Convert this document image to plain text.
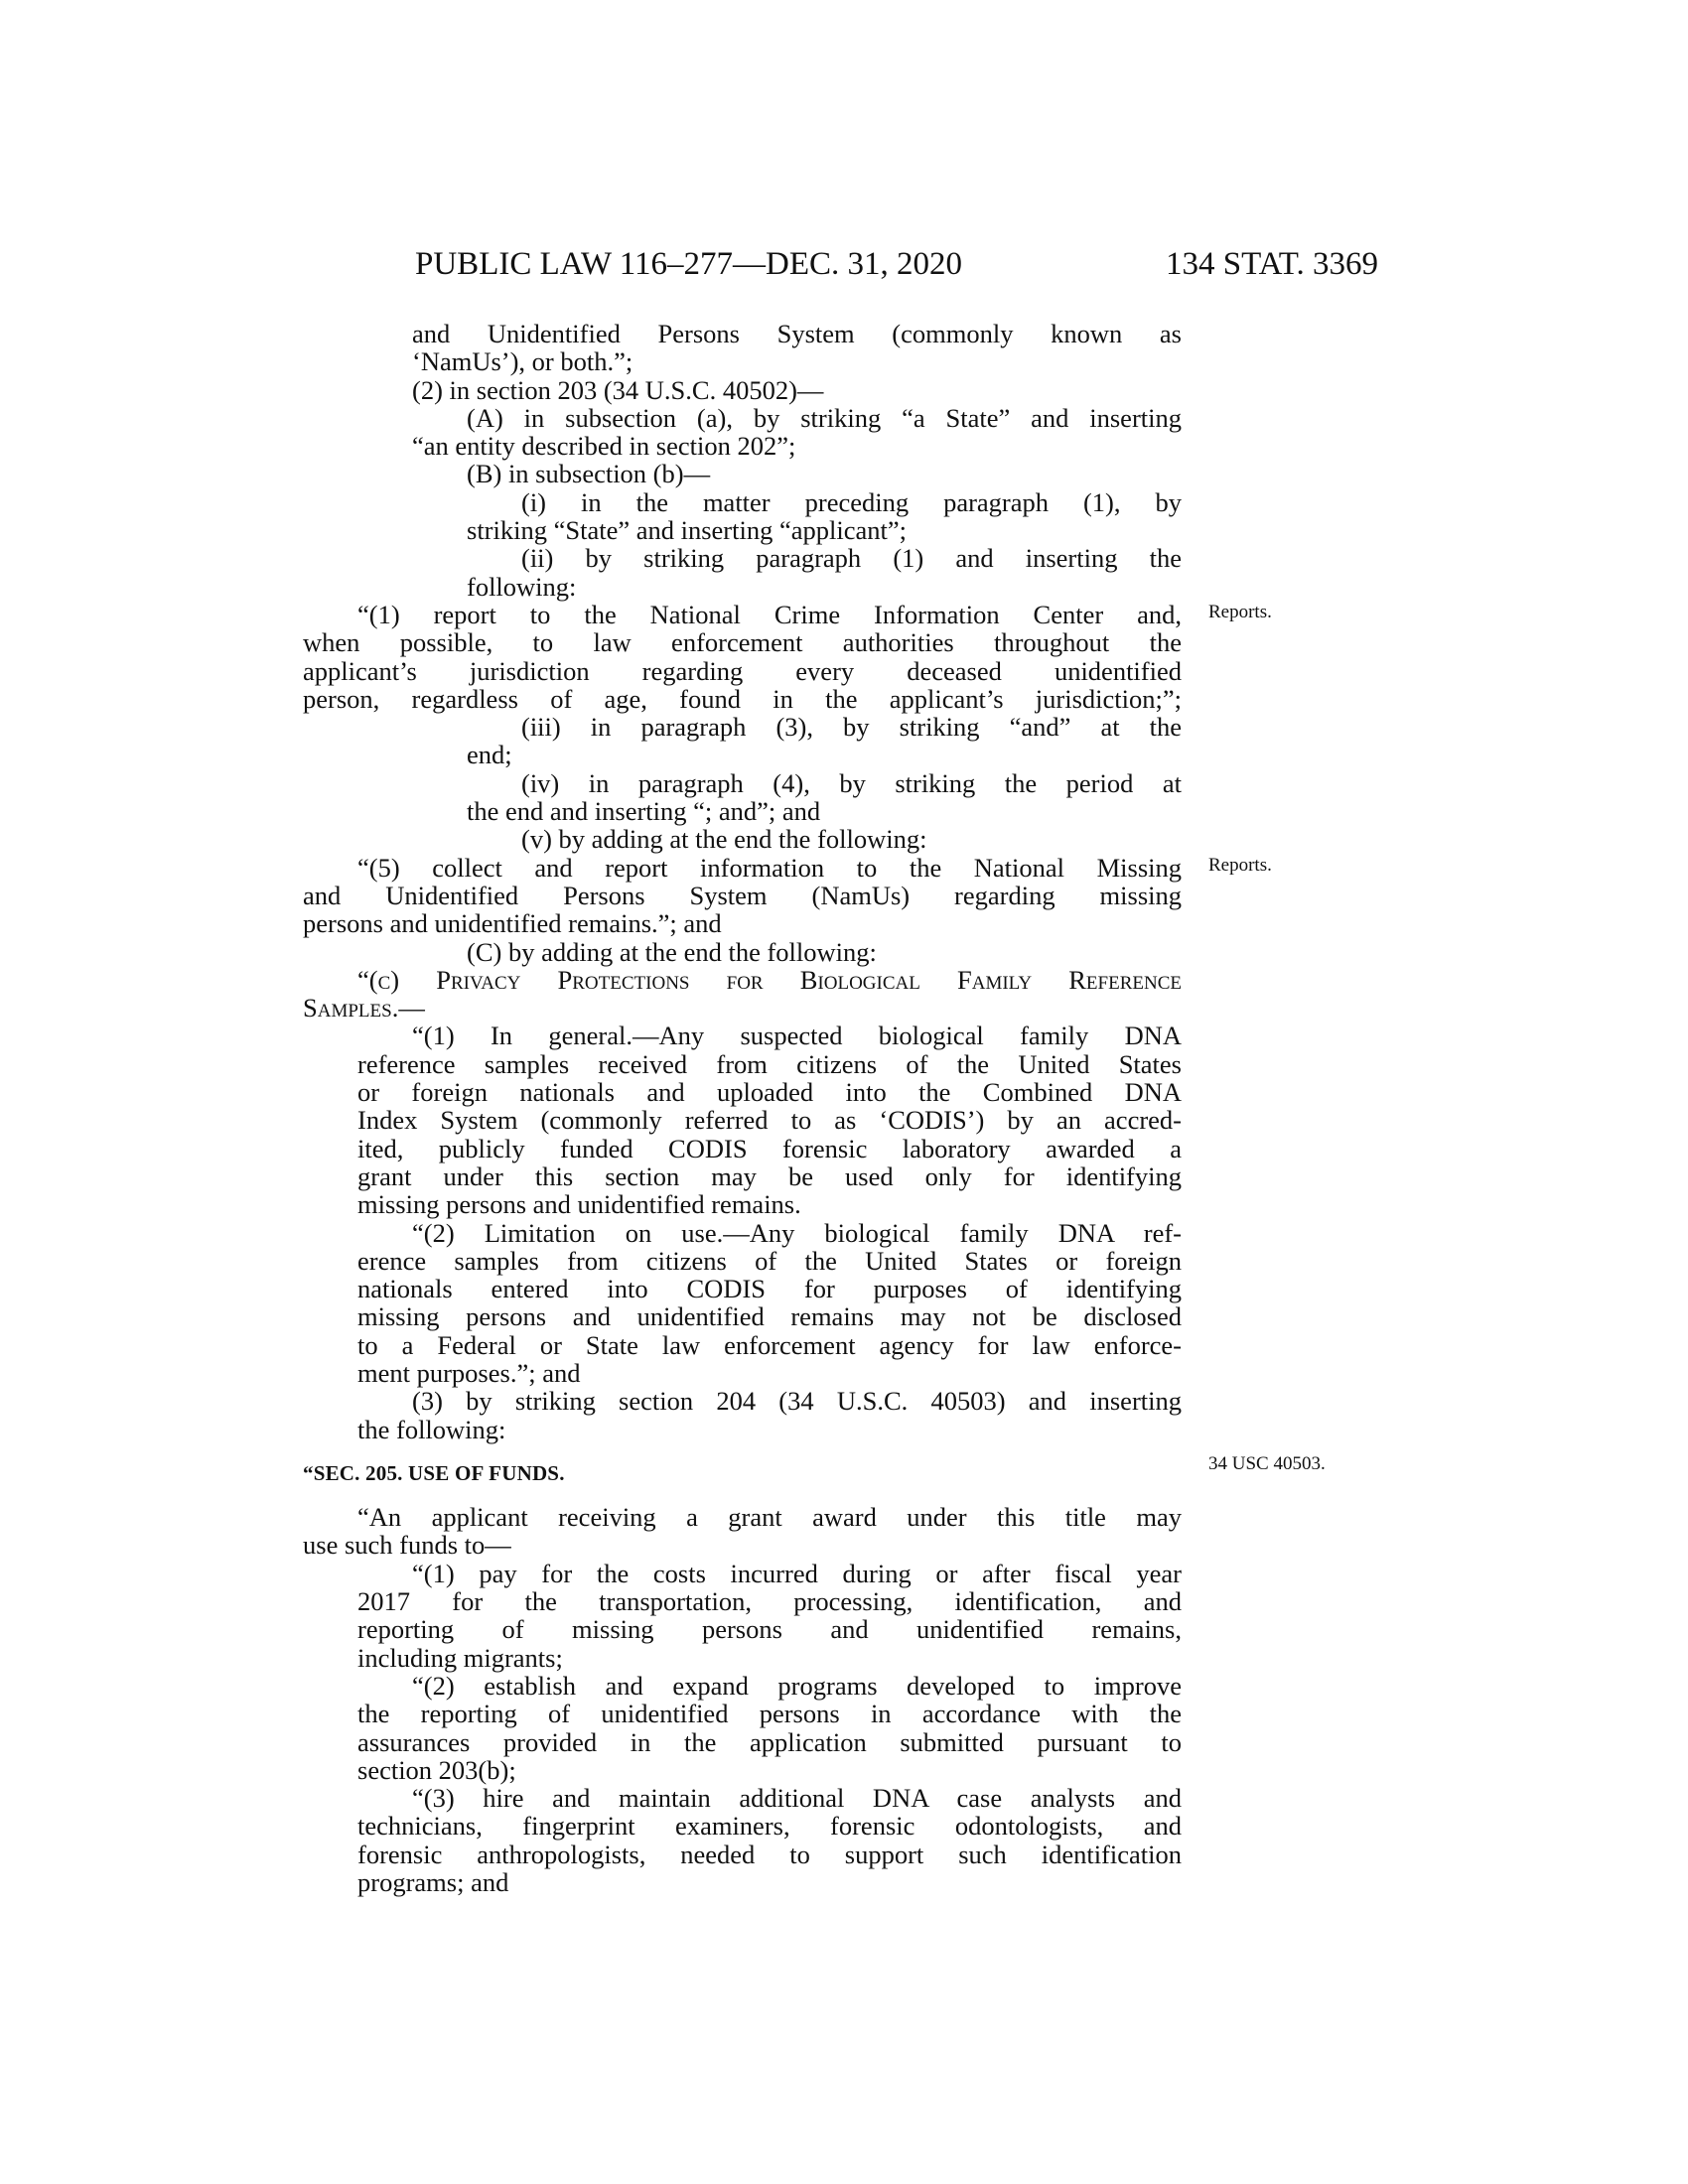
PUBLIC LAW 116–277—DEC. 31, 2020	134 STAT. 3369
and Unidentified Persons System (commonly known as
‘NamUs’), or both.”;
(2) in section 203 (34 U.S.C. 40502)—
(A) in subsection (a), by striking “a State” and inserting
“an entity described in section 202”;
(B) in subsection (b)—
(i) in the matter preceding paragraph (1), by
striking “State” and inserting “applicant”;
(ii) by striking paragraph (1) and inserting the
following:
“(1) report to the National Crime Information Center and,
when possible, to law enforcement authorities throughout the
applicant’s jurisdiction regarding every deceased unidentified
person, regardless of age, found in the applicant’s jurisdiction;”;
(iii) in paragraph (3), by striking “and” at the
end;
(iv) in paragraph (4), by striking the period at
the end and inserting “; and”; and
(v) by adding at the end the following:
“(5) collect and report information to the National Missing
and Unidentified Persons System (NamUs) regarding missing
persons and unidentified remains.”; and
(C) by adding at the end the following:
“(c) Privacy Protections for Biological Family Reference
Samples.—
“(1) In general.—Any suspected biological family DNA
reference samples received from citizens of the United States
or foreign nationals and uploaded into the Combined DNA
Index System (commonly referred to as ‘CODIS’) by an accred-
ited, publicly funded CODIS forensic laboratory awarded a
grant under this section may be used only for identifying
missing persons and unidentified remains.
“(2) Limitation on use.—Any biological family DNA ref-
erence samples from citizens of the United States or foreign
nationals entered into CODIS for purposes of identifying
missing persons and unidentified remains may not be disclosed
to a Federal or State law enforcement agency for law enforce-
ment purposes.”; and
(3) by striking section 204 (34 U.S.C. 40503) and inserting
the following:
“SEC. 205. USE OF FUNDS.
“An applicant receiving a grant award under this title may
use such funds to—
“(1) pay for the costs incurred during or after fiscal year
2017 for the transportation, processing, identification, and
reporting of missing persons and unidentified remains,
including migrants;
“(2) establish and expand programs developed to improve
the reporting of unidentified persons in accordance with the
assurances provided in the application submitted pursuant to
section 203(b);
“(3) hire and maintain additional DNA case analysts and
technicians, fingerprint examiners, forensic odontologists, and
forensic anthropologists, needed to support such identification
programs; and
Reports.
Reports.
34 USC 40503.
